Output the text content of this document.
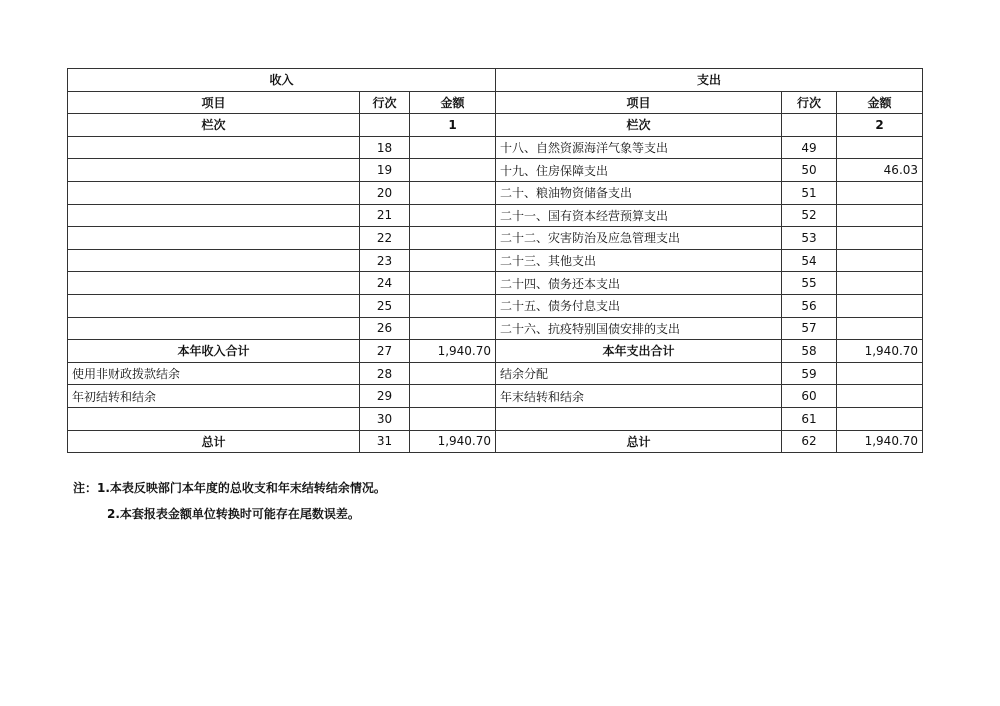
收入			支出		
项目	行次	金额	项目	行次	金额
栏次		1	栏次		2
	18		十八、自然资源海洋气象等支出	49	
	19		十九、住房保障支出	50	46.03
	20		二十、粮油物资储备支出	51	
	21		二十一、国有资本经营预算支出	52	
	22		二十二、灾害防治及应急管理支出	53	
	23		二十三、其他支出	54	
	24		二十四、债务还本支出	55	
	25		二十五、债务付息支出	56	
	26		二十六、抗疫特别国债安排的支出	57	
本年收入合计	27	1,940.70	本年支出合计	58	1,940.70
使用非财政拨款结余	28		结余分配	59	
年初结转和结余	29		年末结转和结余	60	
	30			61	
总计	31	1,940.70	总计	62	1,940.70
注：1.本表反映部门本年度的总收支和年末结转结余情况。
2.本套报表金额单位转换时可能存在尾数误差。
